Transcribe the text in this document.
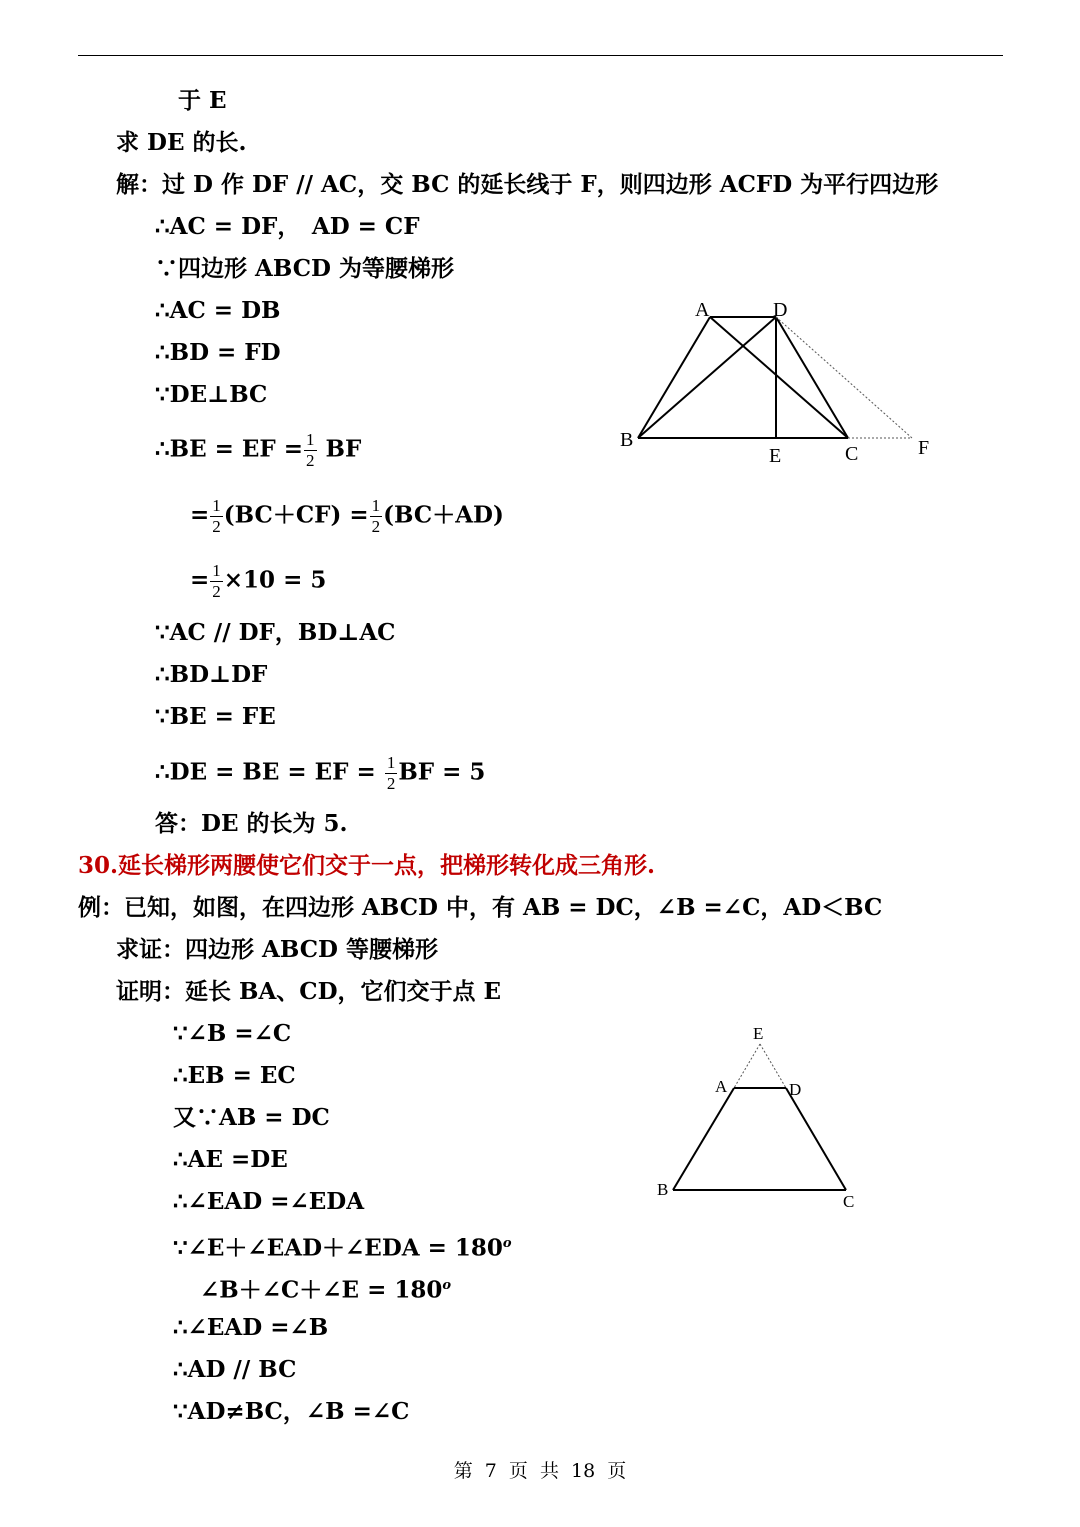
于 E
求 DE 的长.
解：过 D 作 DF // AC，交 BC 的延长线于 F，则四边形 ACFD 为平行四边形
∴AC = DF，　AD = CF
∵四边形 ABCD 为等腰梯形
∴AC = DB
∴BD = FD
∵DE⊥BC
∴BE = EF = $\frac{1}{2}$ BF
= $\frac{1}{2} (BC+CF) = \frac{1}{2} (BC+AD)$
= $\frac{1}{2} \times 10 = 5$
∵AC // DF，BD⊥AC
∴BD⊥DF
∵BE = FE
∴DE = BE = EF = $\frac{1}{2}$ BF = 5
答：DE 的长为 5.
30.延长梯形两腰使它们交于一点，把梯形转化成三角形.
例：已知，如图，在四边形 ABCD 中，有 AB = DC，∠B =∠C，AD＜BC
求证：四边形 ABCD 等腰梯形
证明：延长 BA、CD，它们交于点 E
∵∠B =∠C
∴EB = EC
又∵AB = DC
∴AE =DE
∴∠EAD =∠EDA
∵∠E＋∠EAD＋∠EDA = $180^o$
∠B＋∠C＋∠E = $180^o$
∴∠EAD =∠B
∴AD // BC
∵AD≠BC，∠B =∠C
A	D
B
E	C	F
E
A	D
B
C
第 7 页 共 18 页
